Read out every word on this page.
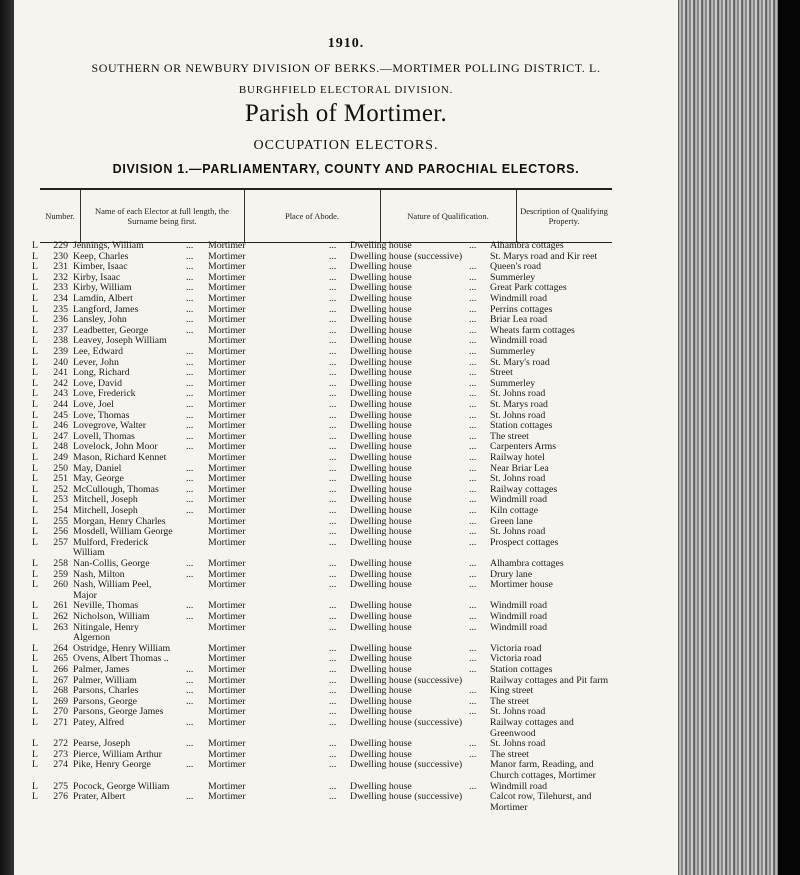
1910.
SOUTHERN OR NEWBURY DIVISION OF BERKS.—MORTIMER POLLING DISTRICT. L.
BURGHFIELD ELECTORAL DIVISION.
Parish of Mortimer.
OCCUPATION ELECTORS.
DIVISION 1.—PARLIAMENTARY, COUNTY AND PAROCHIAL ELECTORS.
Number.	Name of each Elector at full length, the Surname being first.	Place of Abode.	Nature of Qualification.	Description of Qualifying Property.
L	229 Jennings, William	... Mortimer	... Dwelling house	... Alhambra cottages
L	230 Keep, Charles	... Mortimer	... Dwelling house (successive)	St. Marys road and Kir reet
L	231 Kimber, Isaac	... Mortimer	... Dwelling house	... Queen's road
L	232 Kirby, Isaac	... Mortimer	... Dwelling house	... Summerley
L	233 Kirby, William	... Mortimer	... Dwelling house	... Great Park cottages
L	234 Lamdin, Albert	... Mortimer	... Dwelling house	... Windmill road
L	235 Langford, James	... Mortimer	... Dwelling house	... Perrins cottages
L	236 Lansley, John	... Mortimer	... Dwelling house	... Briar Lea road
L	237 Leadbetter, George	... Mortimer	... Dwelling house	... Wheats farm cottages
L	238 Leavey, Joseph William	Mortimer	... Dwelling house	... Windmill road
L	239 Lee, Edward	... Mortimer	... Dwelling house	... Summerley
L	240 Lever, John	... Mortimer	... Dwelling house	... St. Mary's road
L	241 Long, Richard	... Mortimer	... Dwelling house	... Street
L	242 Love, David	... Mortimer	... Dwelling house	... Summerley
L	243 Love, Frederick	... Mortimer	... Dwelling house	... St. Johns road
L	244 Love, Joel	... Mortimer	... Dwelling house	... St. Marys road
L	245 Love, Thomas	... Mortimer	... Dwelling house	... St. Johns road
L	246 Lovegrove, Walter	... Mortimer	... Dwelling house	... Station cottages
L	247 Lovell, Thomas	... Mortimer	... Dwelling house	... The street
L	248 Lovelock, John Moor	... Mortimer	... Dwelling house	... Carpenters Arms
L	249 Mason, Richard Kennet	Mortimer	... Dwelling house	... Railway hotel
L	250 May, Daniel	... Mortimer	... Dwelling house	... Near Briar Lea
L	251 May, George	... Mortimer	... Dwelling house	... St. Johns road
L	252 McCullough, Thomas	... Mortimer	... Dwelling house	... Railway cottages
L	253 Mitchell, Joseph	... Mortimer	... Dwelling house	... Windmill road
L	254 Mitchell, Joseph	... Mortimer	... Dwelling house	... Kiln cottage
L	255 Morgan, Henry Charles	Mortimer	... Dwelling house	... Green lane
L	256 Mosdell, William George	Mortimer	... Dwelling house	... St. Johns road
L	257 Mulford, Frederick	Mortimer	... Dwelling house	... Prospect cottages
William
L	258 Nan-Collis, George	... Mortimer	... Dwelling house	... Alhambra cottages
L	259 Nash, Milton	... Mortimer	... Dwelling house	... Drury lane
L	260 Nash, William Peel,	Mortimer	... Dwelling house	... Mortimer house
Major
L	261 Neville, Thomas	... Mortimer	... Dwelling house	... Windmill road
L	262 Nicholson, William	... Mortimer	... Dwelling house	... Windmill road
L	263 Nitingale, Henry	Mortimer	... Dwelling house	... Windmill road
Algernon
L	264 Ostridge, Henry William	Mortimer	... Dwelling house	... Victoria road
L	265 Ovens, Albert Thomas ..	Mortimer	... Dwelling house	... Victoria road
L	266 Palmer, James	... Mortimer	... Dwelling house	... Station cottages
L	267 Palmer, William	... Mortimer	... Dwelling house (successive)	Railway cottages and Pit farm
L	268 Parsons, Charles	... Mortimer	... Dwelling house	... King street
L	269 Parsons, George	... Mortimer	... Dwelling house	... The street
L	270 Parsons, George James	Mortimer	... Dwelling house	... St. Johns road
L	271 Patey, Alfred	... Mortimer	... Dwelling house (successive)	Railway cottages and
Greenwood
L	272 Pearse, Joseph	... Mortimer	... Dwelling house	... St. Johns road
L	273 Pierce, William Arthur	Mortimer	... Dwelling house	... The street
L	274 Pike, Henry George	... Mortimer	... Dwelling house (successive)	Manor farm, Reading, and
Church cottages, Mortimer
L	275 Pocock, George William	Mortimer	... Dwelling house	... Windmill road
L	276 Prater, Albert	... Mortimer	... Dwelling house (successive)	Calcot row, Tilehurst, and
Mortimer
